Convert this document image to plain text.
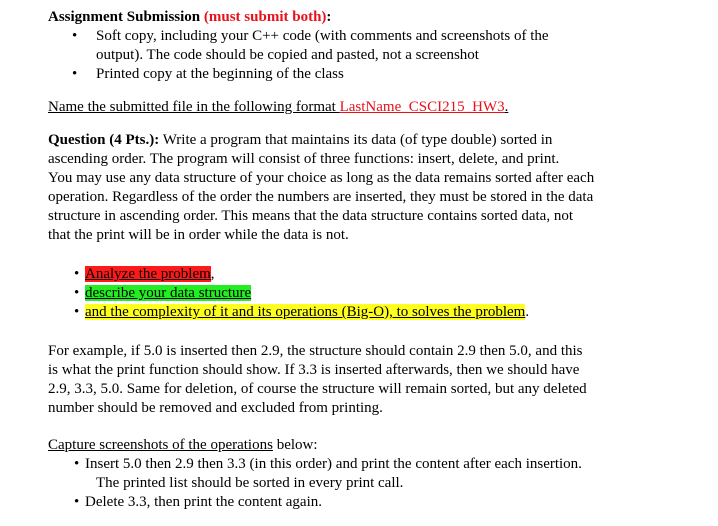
Assignment Submission (must submit both):

• Soft copy, including your C++ code (with comments and screenshots of the
output). The code should be copied and pasted, not a screenshot
• Printed copy at the beginning of the class

Name the submitted file in the following format LastName_CSCI215_HW3.

Question (4 Pts.): Write a program that maintains its data (of type double) sorted in
ascending order. The program will consist of three functions: insert, delete, and print.
You may use any data structure of your choice as long as the data remains sorted after each
operation. Regardless of the order the numbers are inserted, they must be stored in the data
structure in ascending order. This means that the data structure contains sorted data, not
that the print will be in order while the data is not.

• Analyze the problem,
• describe your data structure
• and the complexity of it and its operations (Big-O), to solves the problem.

For example, if 5.0 is inserted then 2.9, the structure should contain 2.9 then 5.0, and this
is what the print function should show. If 3.3 is inserted afterwards, then we should have
2.9, 3.3, 5.0. Same for deletion, of course the structure will remain sorted, but any deleted
number should be removed and excluded from printing.

Capture screenshots of the operations below:

• Insert 5.0 then 2.9 then 3.3 (in this order) and print the content after each insertion.
The printed list should be sorted in every print call.
• Delete 3.3, then print the content again.
